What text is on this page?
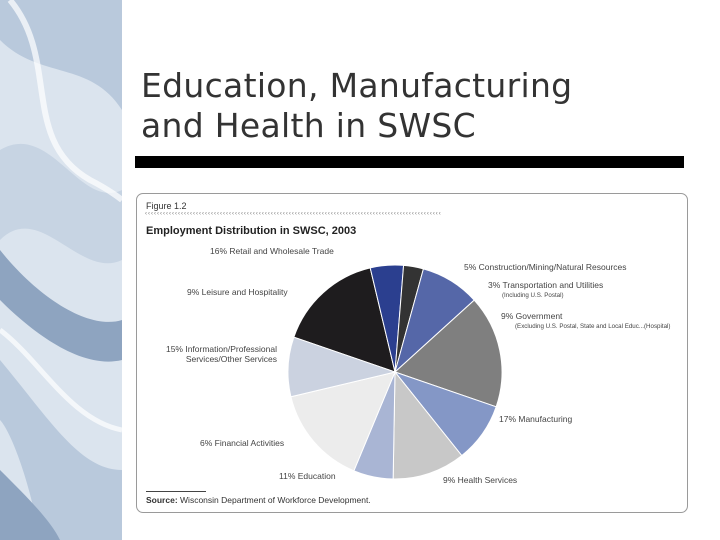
Education, Manufacturing
and Health in SWSC
Figure 1.2
‹‹‹‹‹‹‹‹‹‹‹‹‹‹‹‹‹‹‹‹‹‹‹‹‹‹‹‹‹‹‹‹‹‹‹‹‹‹‹‹‹‹‹‹‹‹‹‹‹‹‹‹‹‹‹‹‹‹‹‹‹‹‹‹‹‹‹‹‹‹‹‹‹‹‹‹‹‹‹‹‹‹‹‹‹‹‹‹‹‹‹‹‹‹‹‹‹‹‹
Employment Distribution in SWSC, 2003
16% Retail and Wholesale Trade
5% Construction/Mining/Natural Resources
3% Transportation and Utilities
(Including U.S. Postal)
9% Government
(Excluding U.S. Postal, State and Local Educ...(Hospital)
17% Manufacturing
9% Health Services
11% Education
6% Financial Activities
15% Information/Professional Services/Other Services
9% Leisure and Hospitality
Source: Wisconsin Department of Workforce Development.
